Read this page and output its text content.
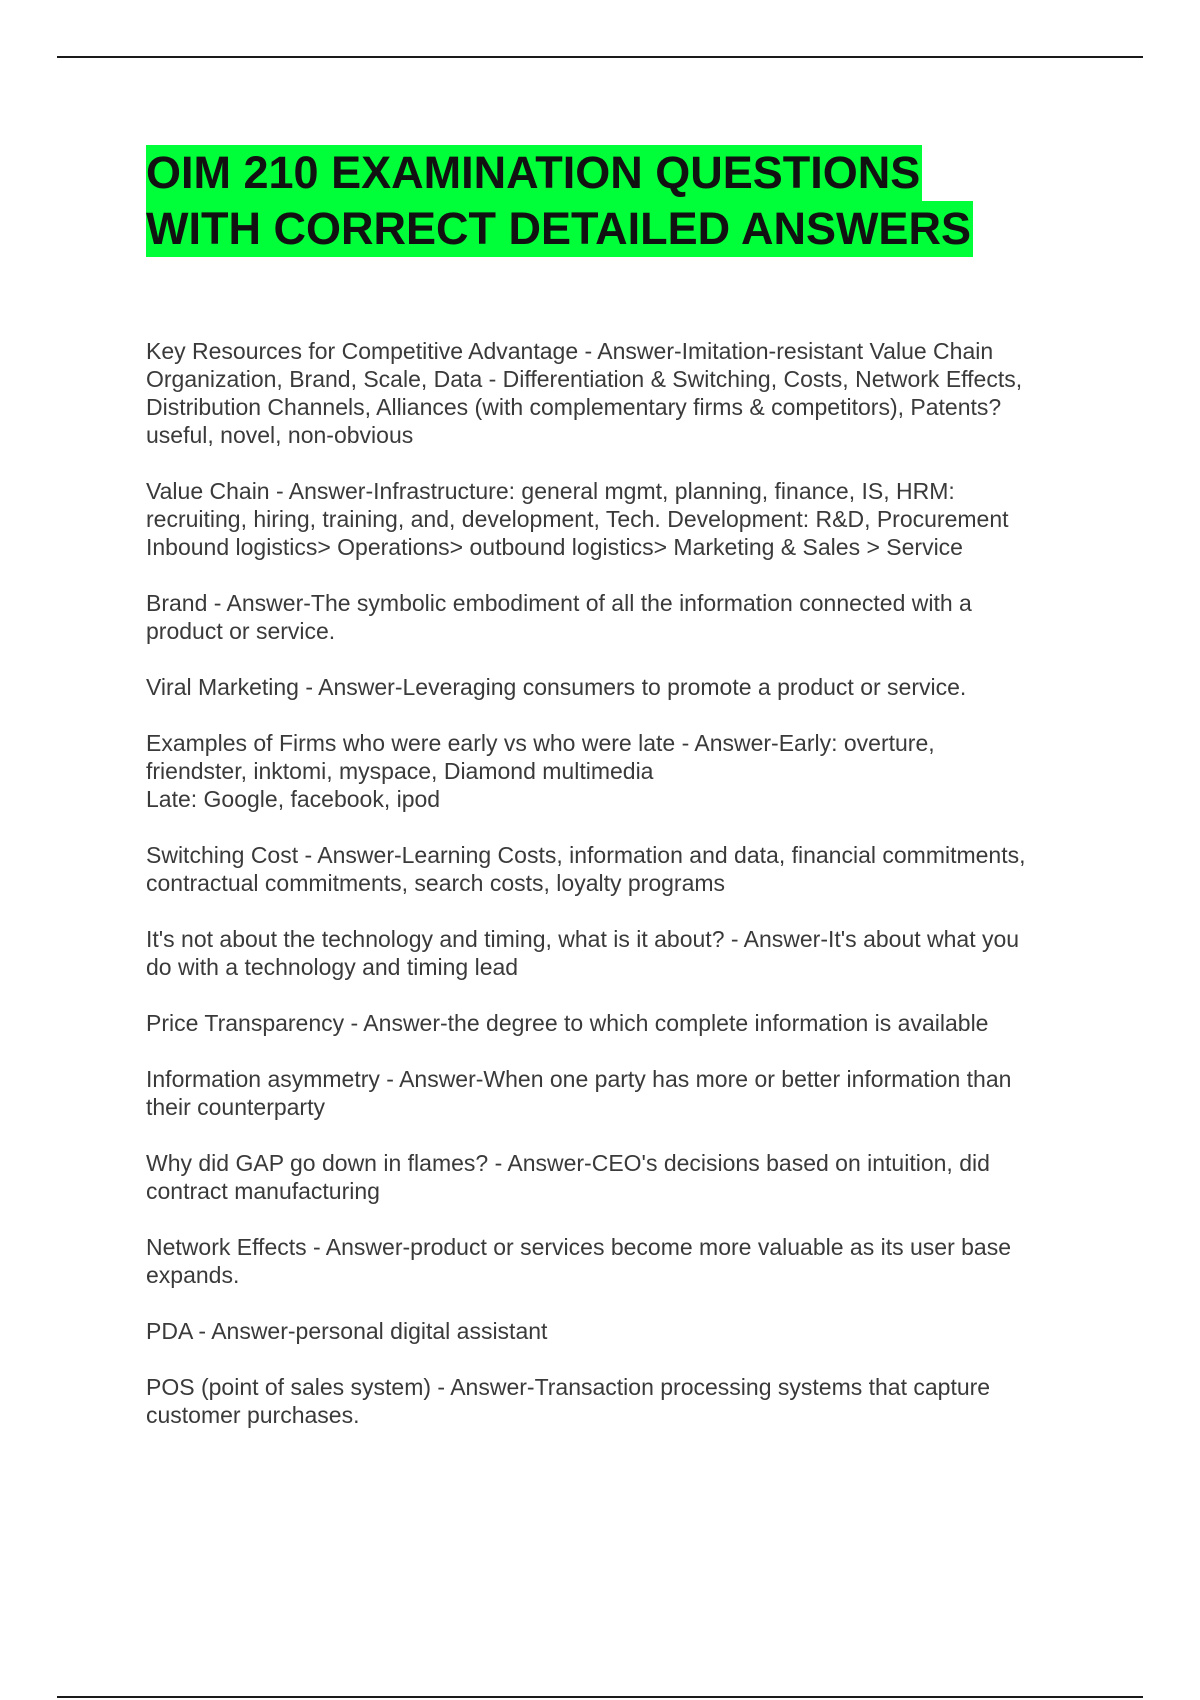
OIM 210 EXAMINATION QUESTIONS
WITH CORRECT DETAILED ANSWERS

Key Resources for Competitive Advantage - Answer-Imitation-resistant Value Chain
Organization, Brand, Scale, Data - Differentiation & Switching, Costs, Network Effects,
Distribution Channels, Alliances (with complementary firms & competitors), Patents?
useful, novel, non-obvious

Value Chain - Answer-Infrastructure: general mgmt, planning, finance, IS, HRM:
recruiting, hiring, training, and, development, Tech. Development: R&D, Procurement
Inbound logistics> Operations> outbound logistics> Marketing & Sales > Service

Brand - Answer-The symbolic embodiment of all the information connected with a
product or service.

Viral Marketing - Answer-Leveraging consumers to promote a product or service.

Examples of Firms who were early vs who were late - Answer-Early: overture,
friendster, inktomi, myspace, Diamond multimedia
Late: Google, facebook, ipod

Switching Cost - Answer-Learning Costs, information and data, financial commitments,
contractual commitments, search costs, loyalty programs

It's not about the technology and timing, what is it about? - Answer-It's about what you
do with a technology and timing lead

Price Transparency - Answer-the degree to which complete information is available

Information asymmetry - Answer-When one party has more or better information than
their counterparty

Why did GAP go down in flames? - Answer-CEO's decisions based on intuition, did
contract manufacturing

Network Effects - Answer-product or services become more valuable as its user base
expands.

PDA - Answer-personal digital assistant

POS (point of sales system) - Answer-Transaction processing systems that capture
customer purchases.
